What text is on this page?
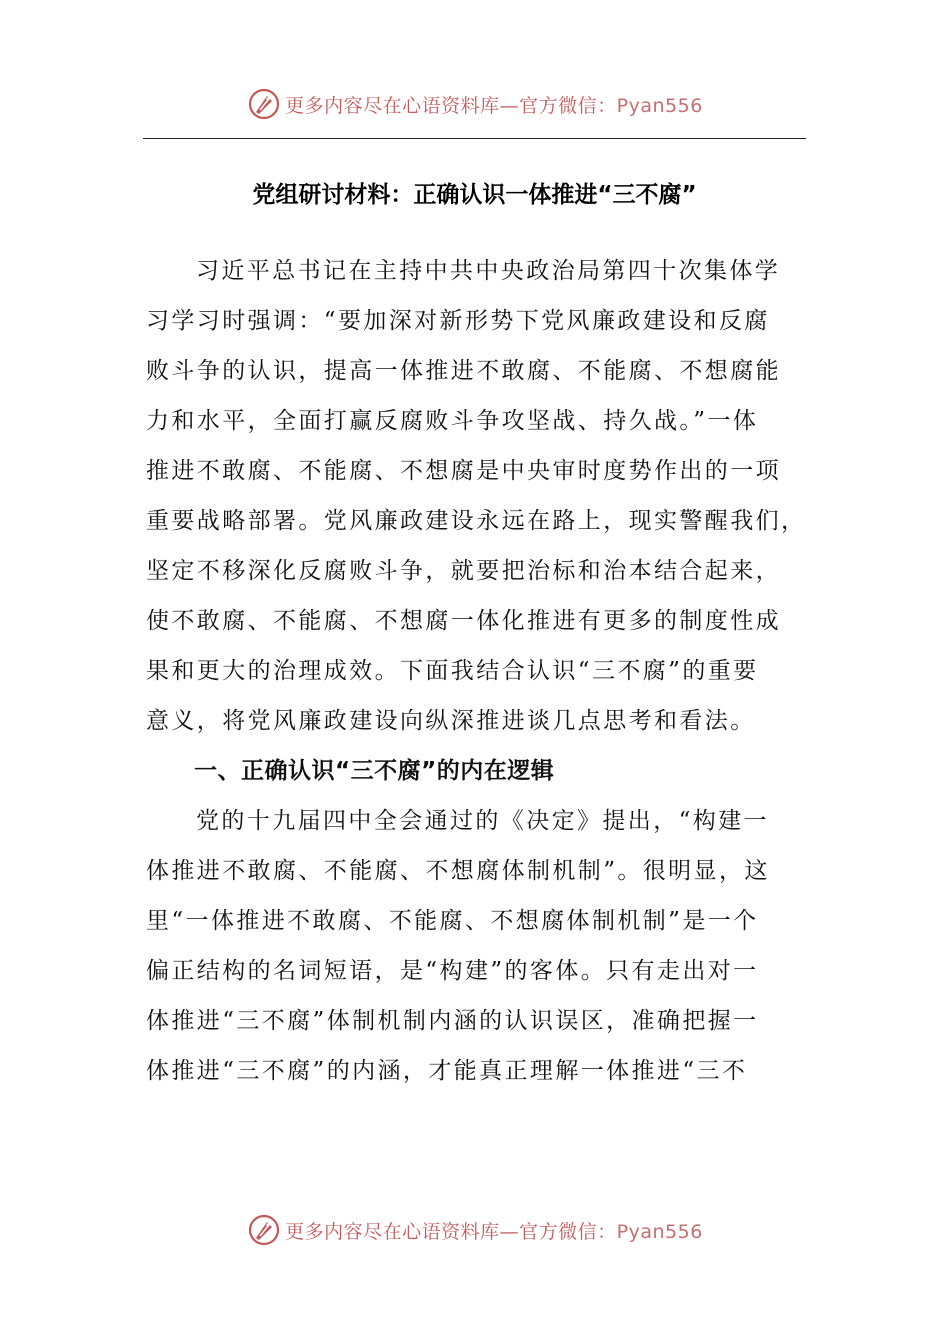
更多内容尽在心语资料库—官方微信：Pyan556
党组研讨材料：正确认识一体推进“三不腐”
习近平总书记在主持中共中央政治局第四十次集体学
习学习时强调：“要加深对新形势下党风廉政建设和反腐
败斗争的认识，提高一体推进不敢腐、不能腐、不想腐能
力和水平，全面打赢反腐败斗争攻坚战、持久战。”一体
推进不敢腐、不能腐、不想腐是中央审时度势作出的一项
重要战略部署。党风廉政建设永远在路上，现实警醒我们，
坚定不移深化反腐败斗争，就要把治标和治本结合起来，
使不敢腐、不能腐、不想腐一体化推进有更多的制度性成
果和更大的治理成效。下面我结合认识“三不腐”的重要
意义，将党风廉政建设向纵深推进谈几点思考和看法。
一、正确认识“三不腐”的内在逻辑
党的十九届四中全会通过的《决定》提出，“构建一
体推进不敢腐、不能腐、不想腐体制机制”。很明显，这
里“一体推进不敢腐、不能腐、不想腐体制机制”是一个
偏正结构的名词短语，是“构建”的客体。只有走出对一
体推进“三不腐”体制机制内涵的认识误区，准确把握一
体推进“三不腐”的内涵，才能真正理解一体推进“三不
更多内容尽在心语资料库—官方微信：Pyan556
